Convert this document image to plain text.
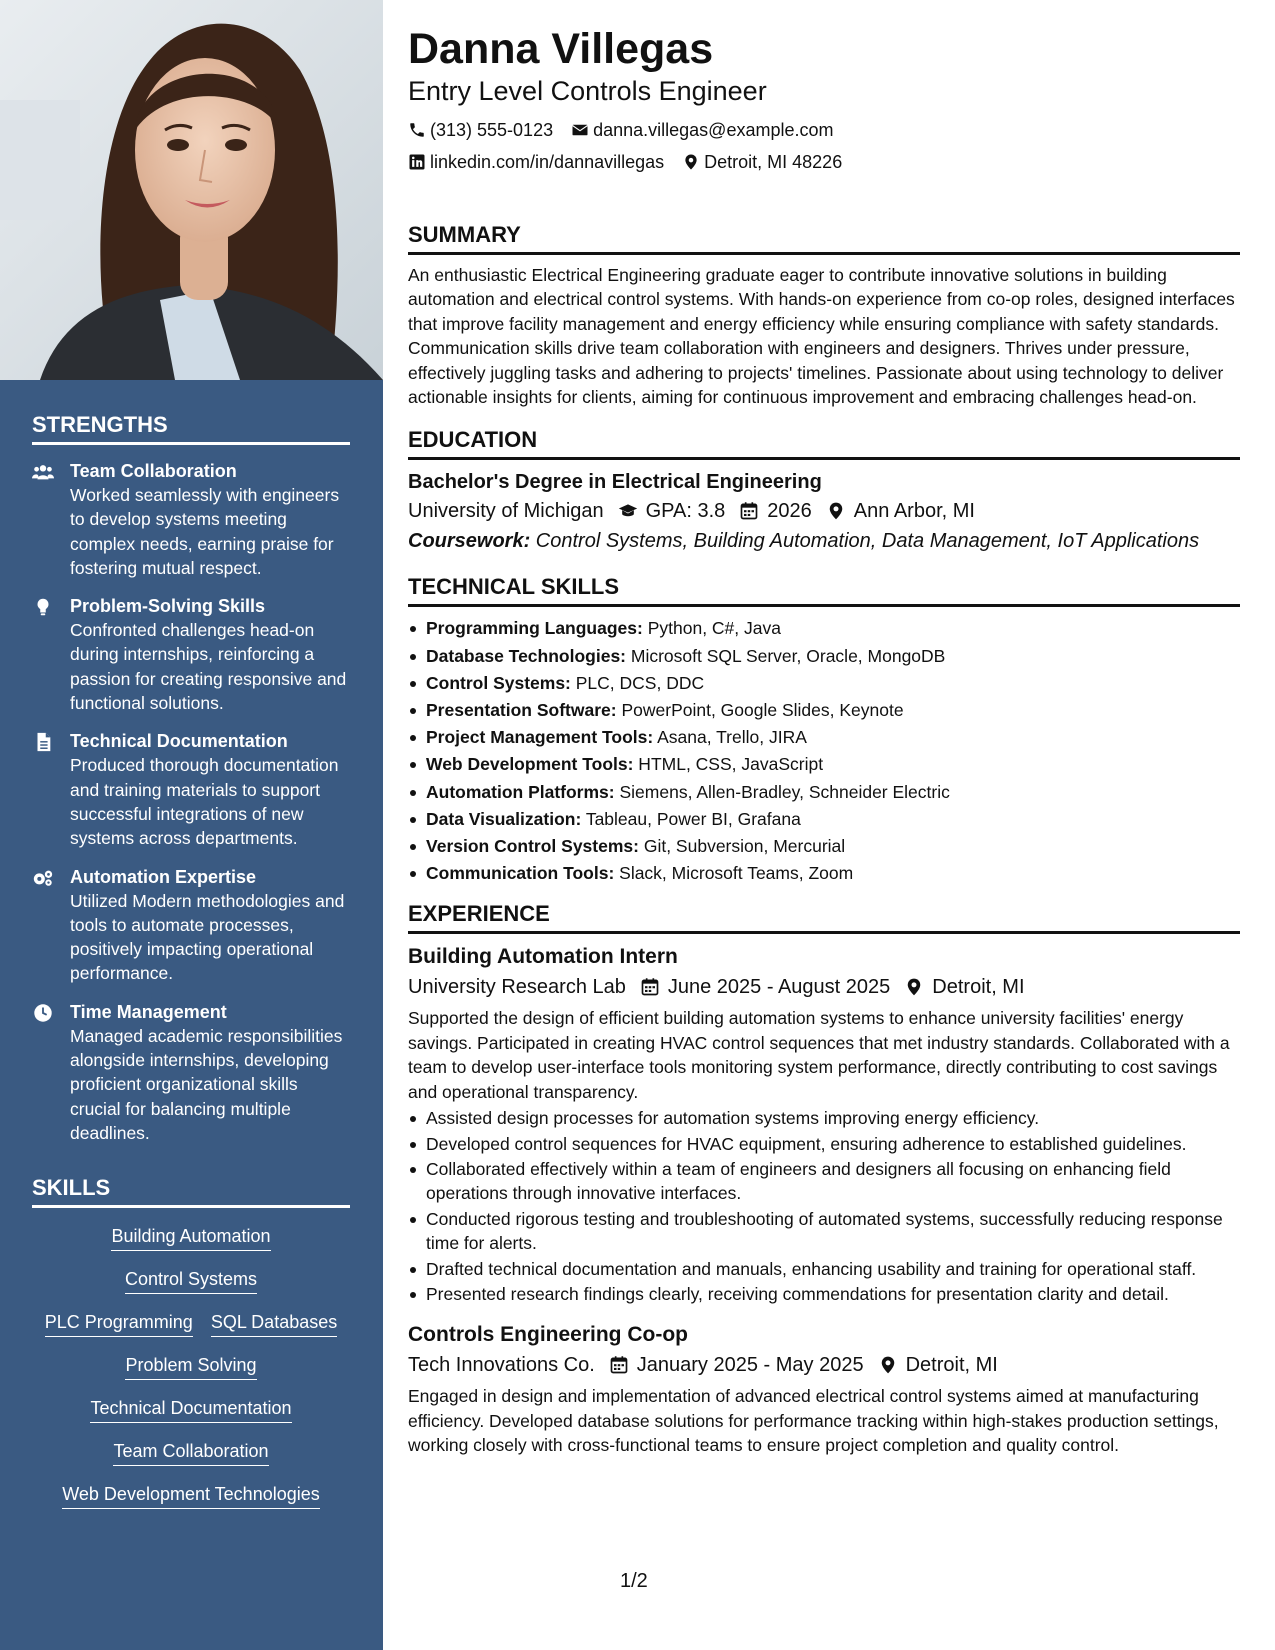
STRENGTHS
Team Collaboration
Worked seamlessly with engineers to develop systems meeting complex needs, earning praise for fostering mutual respect.
Problem-Solving Skills
Confronted challenges head-on during internships, reinforcing a passion for creating responsive and functional solutions.
Technical Documentation
Produced thorough documentation and training materials to support successful integrations of new systems across departments.
Automation Expertise
Utilized Modern methodologies and tools to automate processes, positively impacting operational performance.
Time Management
Managed academic responsibilities alongside internships, developing proficient organizational skills crucial for balancing multiple deadlines.
SKILLS
Building Automation
Control Systems
PLC Programming SQL Databases
Problem Solving
Technical Documentation
Team Collaboration
Web Development Technologies
Danna Villegas
Entry Level Controls Engineer
(313) 555-0123 danna.villegas@example.com
linkedin.com/in/dannavillegas Detroit, MI 48226
SUMMARY
An enthusiastic Electrical Engineering graduate eager to contribute innovative solutions in building automation and electrical control systems. With hands-on experience from co-op roles, designed interfaces that improve facility management and energy efficiency while ensuring compliance with safety standards. Communication skills drive team collaboration with engineers and designers. Thrives under pressure, effectively juggling tasks and adhering to projects' timelines. Passionate about using technology to deliver actionable insights for clients, aiming for continuous improvement and embracing challenges head-on.
EDUCATION
Bachelor's Degree in Electrical Engineering
University of Michigan GPA: 3.8 2026 Ann Arbor, MI
Coursework: Control Systems, Building Automation, Data Management, IoT Applications
TECHNICAL SKILLS
Programming Languages: Python, C#, Java
Database Technologies: Microsoft SQL Server, Oracle, MongoDB
Control Systems: PLC, DCS, DDC
Presentation Software: PowerPoint, Google Slides, Keynote
Project Management Tools: Asana, Trello, JIRA
Web Development Tools: HTML, CSS, JavaScript
Automation Platforms: Siemens, Allen-Bradley, Schneider Electric
Data Visualization: Tableau, Power BI, Grafana
Version Control Systems: Git, Subversion, Mercurial
Communication Tools: Slack, Microsoft Teams, Zoom
EXPERIENCE
Building Automation Intern
University Research Lab June 2025 - August 2025 Detroit, MI
Supported the design of efficient building automation systems to enhance university facilities' energy savings. Participated in creating HVAC control sequences that met industry standards. Collaborated with a team to develop user-interface tools monitoring system performance, directly contributing to cost savings and operational transparency.
Assisted design processes for automation systems improving energy efficiency.
Developed control sequences for HVAC equipment, ensuring adherence to established guidelines.
Collaborated effectively within a team of engineers and designers all focusing on enhancing field operations through innovative interfaces.
Conducted rigorous testing and troubleshooting of automated systems, successfully reducing response time for alerts.
Drafted technical documentation and manuals, enhancing usability and training for operational staff.
Presented research findings clearly, receiving commendations for presentation clarity and detail.
Controls Engineering Co-op
Tech Innovations Co. January 2025 - May 2025 Detroit, MI
Engaged in design and implementation of advanced electrical control systems aimed at manufacturing efficiency. Developed database solutions for performance tracking within high-stakes production settings, working closely with cross-functional teams to ensure project completion and quality control.
1/2
